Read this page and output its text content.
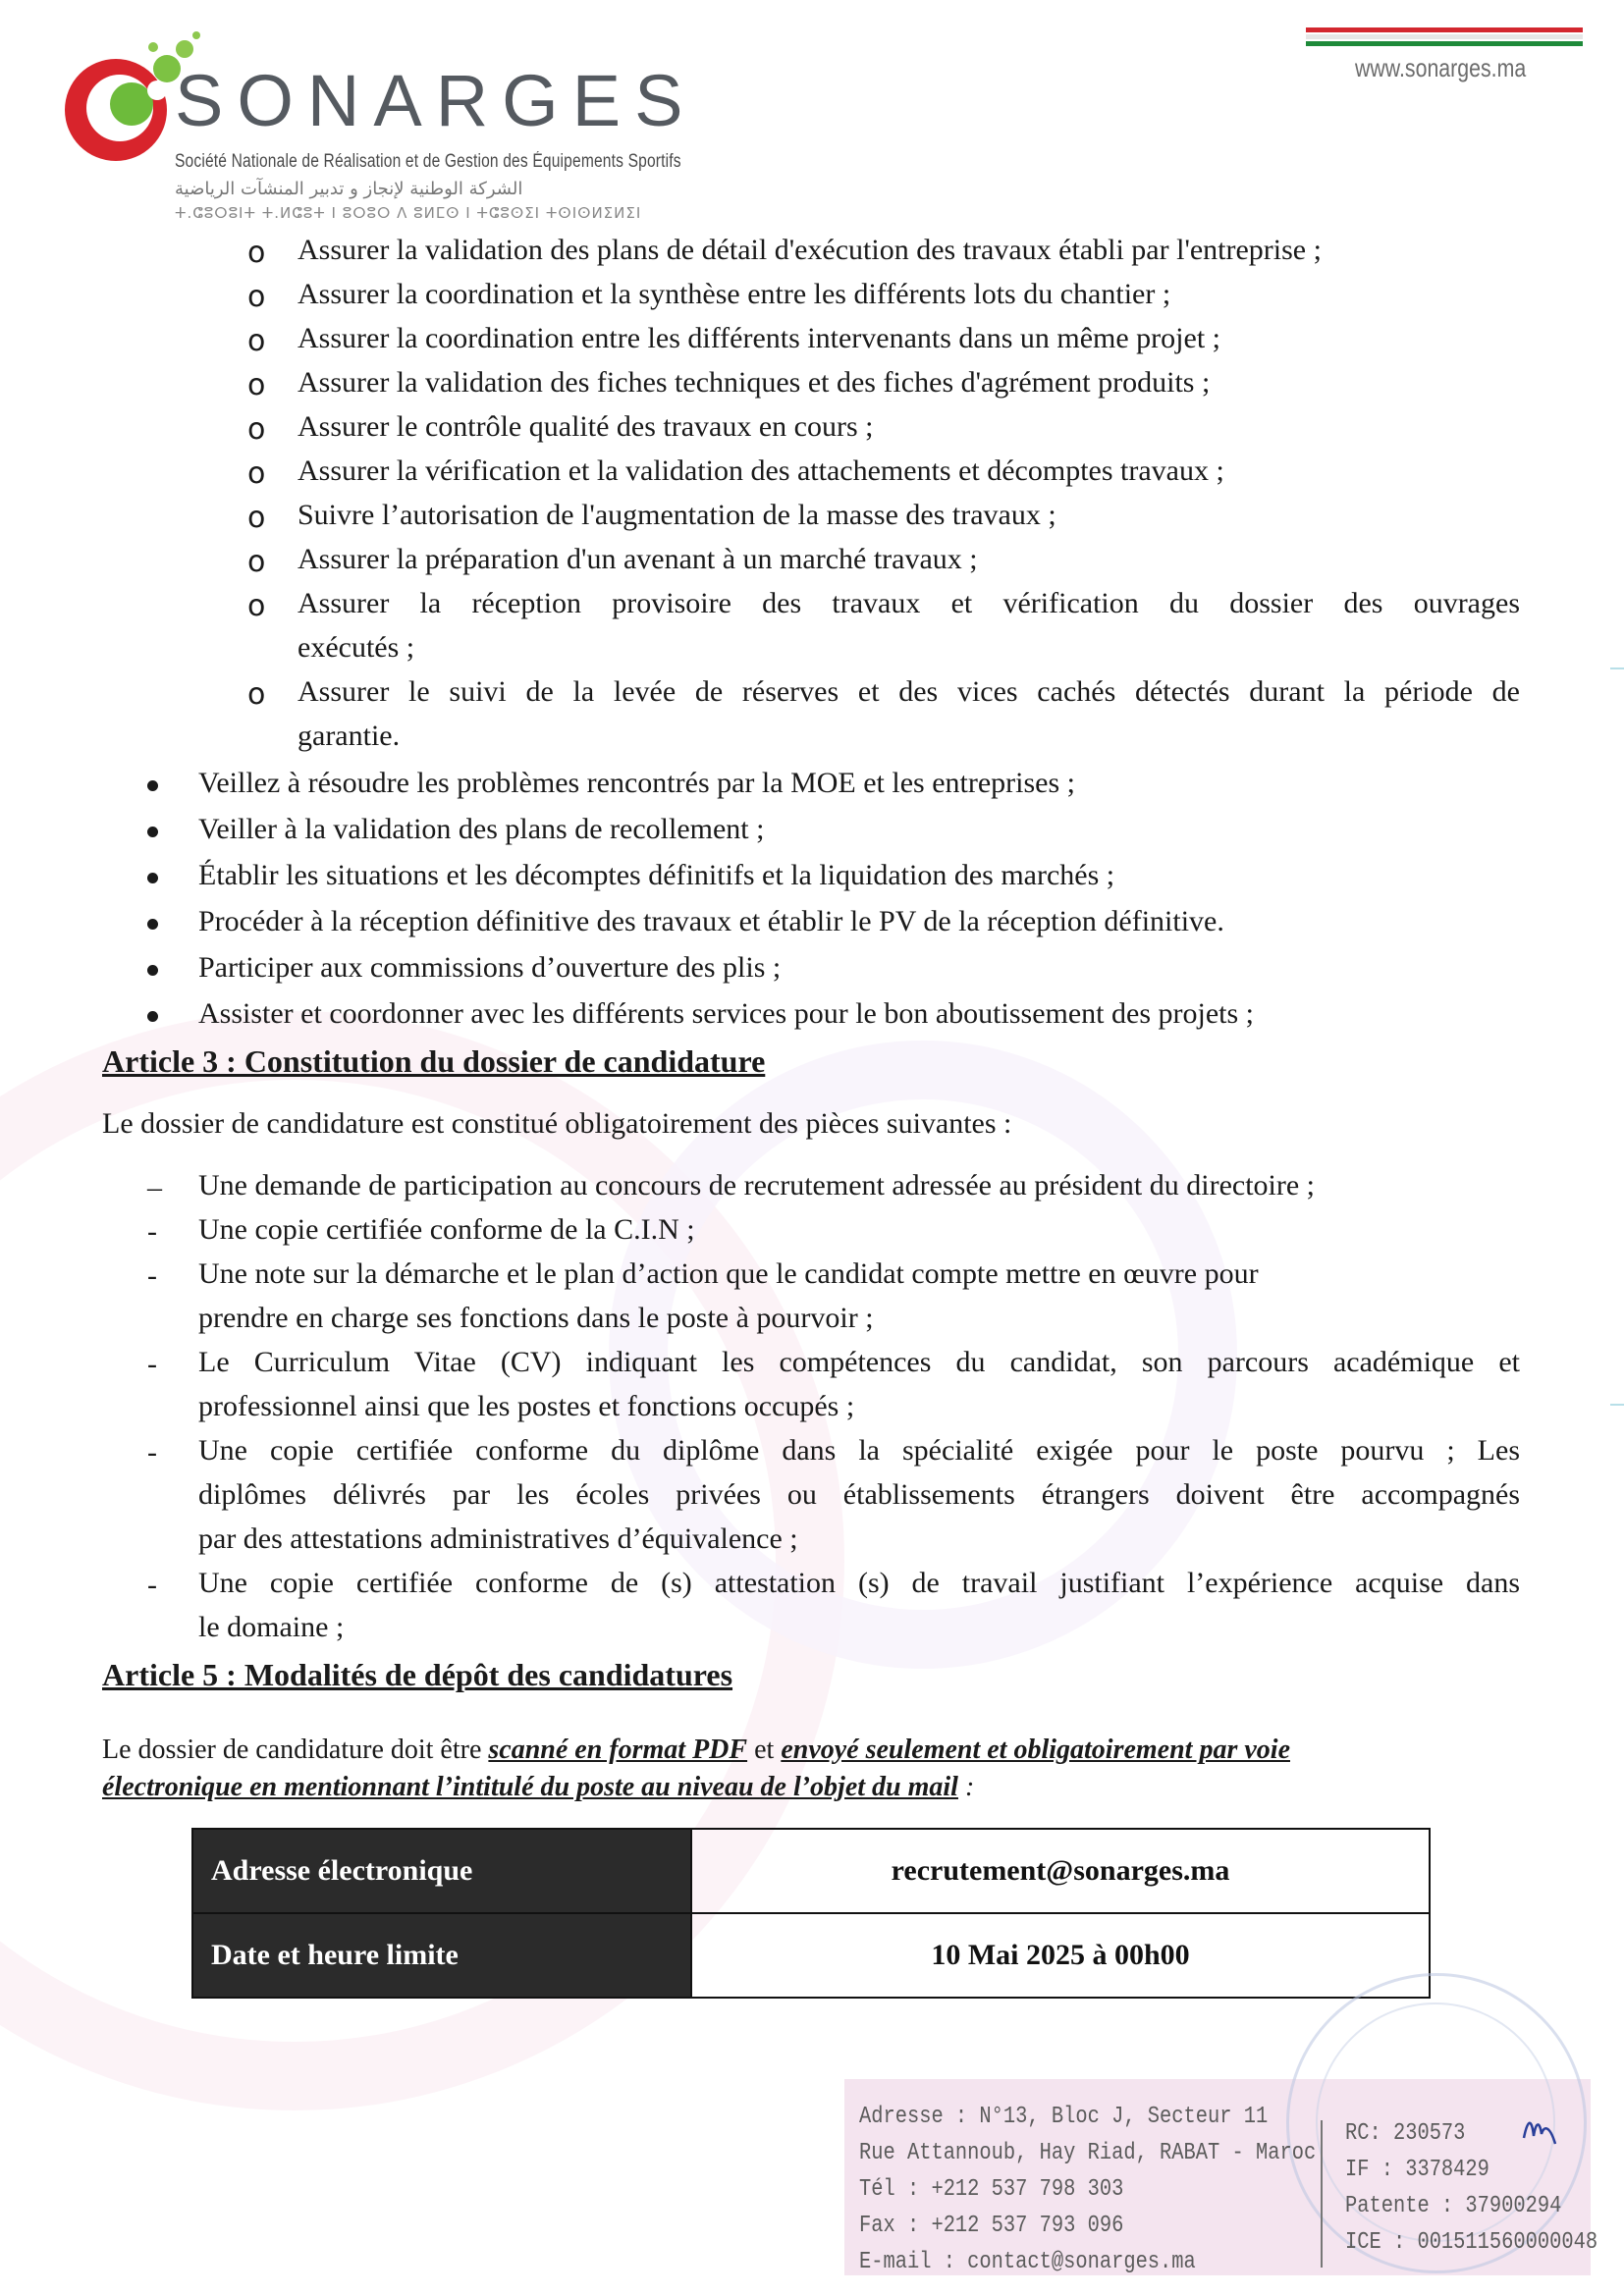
SONARGES
Société Nationale de Réalisation et de Gestion des Équipements Sportifs
الشركة الوطنية لإنجاز و تدبير المنشآت الرياضية
ⵜ.ⵛⵓⵔⵓⵏⵜ ⵜ.ⵍⵛⵓⵜ ⵏ ⵓⵔⵓⵔ ⴷ ⵓⵍⵎⵙ ⵏ ⵜⵛⵓⵙⵉⵏ ⵜⵙⵏⵙⵍⵉⵍⵉⵏ
www.sonarges.ma
o Assurer la validation des plans de détail d'exécution des travaux établi par l'entreprise ;
o Assurer la coordination et la synthèse entre les différents lots du chantier ;
o Assurer la coordination entre les différents intervenants dans un même projet ;
o Assurer la validation des fiches techniques et des fiches d'agrément produits ;
o Assurer le contrôle qualité des travaux en cours ;
o Assurer la vérification et la validation des attachements et décomptes travaux ;
o Suivre l’autorisation de l'augmentation de la masse des travaux ;
o Assurer la préparation d'un avenant à un marché travaux ;
o Assurer la réception provisoire des travaux et vérification du dossier des ouvrages
exécutés ;
o Assurer le suivi de la levée de réserves et des vices cachés détectés durant la période de
garantie.
Veillez à résoudre les problèmes rencontrés par la MOE et les entreprises ;
Veiller à la validation des plans de recollement ;
Établir les situations et les décomptes définitifs et la liquidation des marchés ;
Procéder à la réception définitive des travaux et établir le PV de la réception définitive.
Participer aux commissions d’ouverture des plis ;
Assister et coordonner avec les différents services pour le bon aboutissement des projets ;
Article 3 : Constitution du dossier de candidature
Le dossier de candidature est constitué obligatoirement des pièces suivantes :
– Une demande de participation au concours de recrutement adressée au président du directoire ;
- Une copie certifiée conforme de la C.I.N ;
- Une note sur la démarche et le plan d’action que le candidat compte mettre en œuvre pour
prendre en charge ses fonctions dans le poste à pourvoir ;
- Le Curriculum Vitae (CV) indiquant les compétences du candidat, son parcours académique et
professionnel ainsi que les postes et fonctions occupés ;
- Une copie certifiée conforme du diplôme dans la spécialité exigée pour le poste pourvu ; Les
diplômes délivrés par les écoles privées ou établissements étrangers doivent être accompagnés
par des attestations administratives d’équivalence ;
- Une copie certifiée conforme de (s) attestation (s) de travail justifiant l’expérience acquise dans
le domaine ;
Article 5 : Modalités de dépôt des candidatures
Le dossier de candidature doit être scanné en format PDF et envoyé seulement et obligatoirement par voie
électronique en mentionnant l’intitulé du poste au niveau de l’objet du mail :
Adresse électronique	recrutement@sonarges.ma
Date et heure limite	10 Mai 2025 à 00h00
Adresse : N°13, Bloc J, Secteur 11
Rue Attannoub, Hay Riad, RABAT - Maroc
Tél : +212 537 798 303
Fax : +212 537 793 096
E-mail : contact@sonarges.ma
RC: 230573
IF : 3378429
Patente : 37900294
ICE : 001511560000048
